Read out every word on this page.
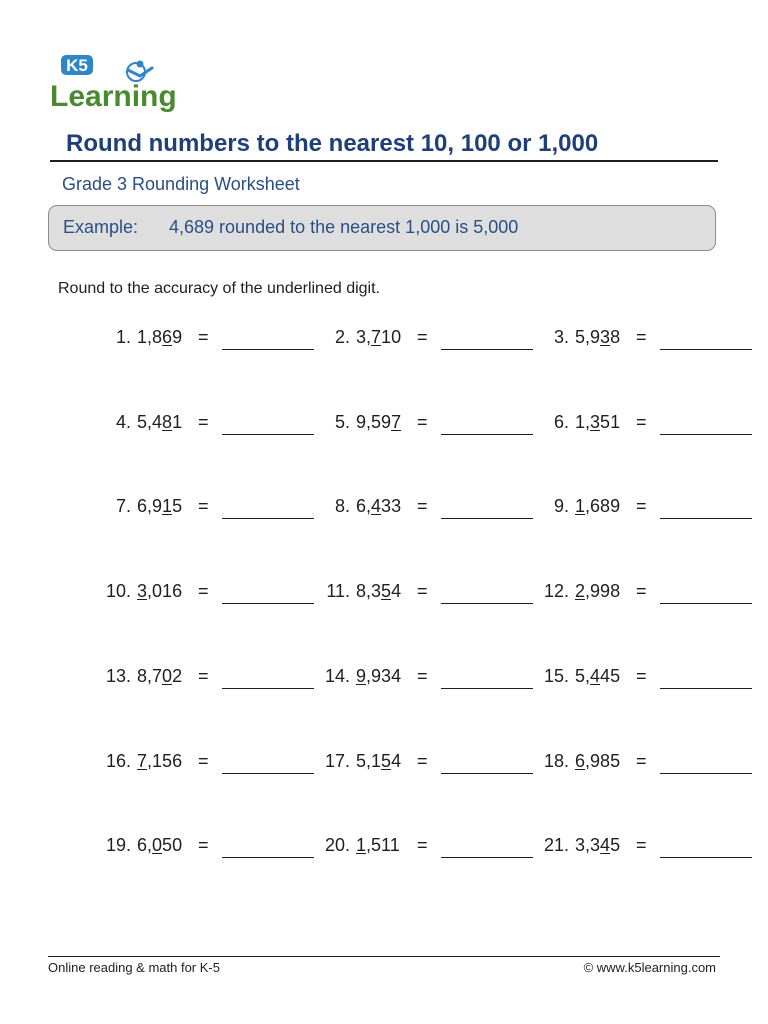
K5
Learning
Round numbers to the nearest 10, 100 or 1,000
Grade 3 Rounding Worksheet
Example: 4,689 rounded to the nearest 1,000 is 5,000
Round to the accuracy of the underlined digit.
1. 1,869 =	2. 3,710 =	3. 5,938 =
4. 5,481 =	5. 9,597 =	6. 1,351 =
7. 6,915 =	8. 6,433 =	9. 1,689 =
10. 3,016 =	11. 8,354 =	12. 2,998 =
13. 8,702 =	14. 9,934 =	15. 5,445 =
16. 7,156 =	17. 5,154 =	18. 6,985 =
19. 6,050 =	20. 1,511 =	21. 3,345 =
Online reading & math for K-5	© www.k5learning.com
